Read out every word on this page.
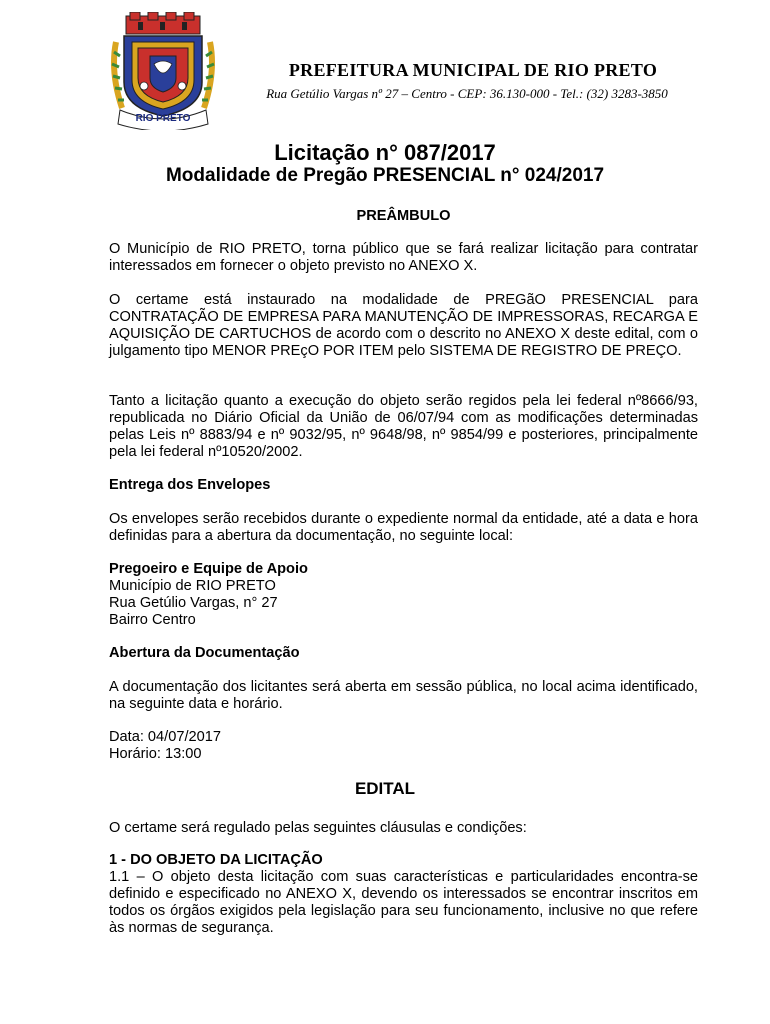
RIO PRETO
PREFEITURA MUNICIPAL DE RIO PRETO
Rua Getúlio Vargas nº 27 – Centro - CEP: 36.130-000 - Tel.: (32) 3283-3850
Licitação n° 087/2017
Modalidade de Pregão PRESENCIAL n° 024/2017
PREÂMBULO

O Município de RIO PRETO, torna público que se fará realizar licitação para contratar interessados em fornecer o objeto previsto no ANEXO X.

O certame está instaurado na modalidade de PREGãO PRESENCIAL para CONTRATAÇÃO DE EMPRESA PARA MANUTENÇÃO DE IMPRESSORAS, RECARGA E AQUISIÇÃO DE CARTUCHOS de acordo com o descrito no ANEXO X deste edital, com o julgamento tipo MENOR PREçO POR ITEM pelo SISTEMA DE REGISTRO DE PREÇO.

Tanto a licitação quanto a execução do objeto serão regidos pela lei federal nº8666/93, republicada no Diário Oficial da União de 06/07/94 com as modificações determinadas pelas Leis nº 8883/94 e nº 9032/95, nº 9648/98, nº 9854/99 e posteriores, principalmente pela lei federal nº10520/2002.

Entrega dos Envelopes

Os envelopes serão recebidos durante o expediente normal da entidade, até a data e hora definidas para a abertura da documentação, no seguinte local:

Pregoeiro e Equipe de Apoio
Município de RIO PRETO
Rua Getúlio Vargas, n° 27
Bairro Centro
Abertura da Documentação

A documentação dos licitantes será aberta em sessão pública, no local acima identificado, na seguinte data e horário.

Data: 04/07/2017
Horário: 13:00
EDITAL

O certame será regulado pelas seguintes cláusulas e condições:

1 - DO OBJETO DA LICITAÇÃO

1.1 – O objeto desta licitação com suas características e particularidades encontra-se definido e especificado no ANEXO X, devendo os interessados se encontrar inscritos em todos os órgãos exigidos pela legislação para seu funcionamento, inclusive no que refere às normas de segurança.
